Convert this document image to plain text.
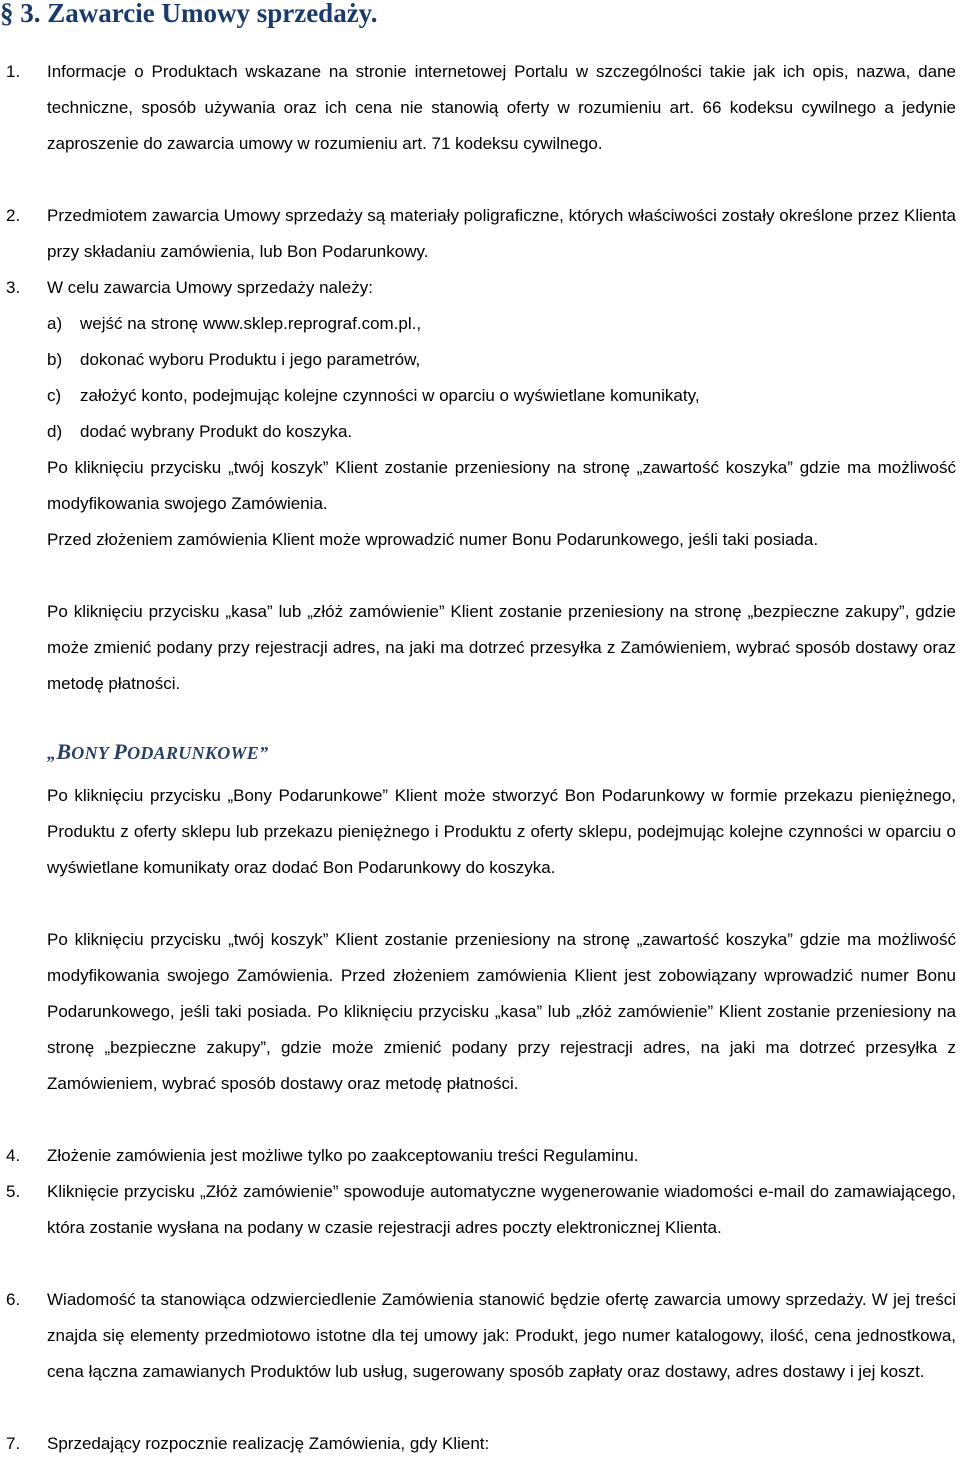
§ 3. Zawarcie Umowy sprzedaży.
1.	Informacje o Produktach wskazane na stronie internetowej Portalu w szczególności takie jak ich opis, nazwa, dane techniczne, sposób używania oraz ich cena nie stanowią oferty w rozumieniu art. 66 kodeksu cywilnego a jedynie zaproszenie do zawarcia umowy w rozumieniu art. 71 kodeksu cywilnego.

2.	Przedmiotem zawarcia Umowy sprzedaży są materiały poligraficzne, których właściwości zostały określone przez Klienta przy składaniu zamówienia, lub Bon Podarunkowy.

3.	W celu zawarcia Umowy sprzedaży należy:

a) wejść na stronę www.sklep.reprograf.com.pl.,
b) dokonać wyboru Produktu i jego parametrów,
c) założyć konto, podejmując kolejne czynności w oparciu o wyświetlane komunikaty,
d) dodać wybrany Produkt do koszyka.

Po kliknięciu przycisku „twój koszyk” Klient zostanie przeniesiony na stronę „zawartość koszyka” gdzie ma możliwość modyfikowania swojego Zamówienia.

Przed złożeniem zamówienia Klient może wprowadzić numer Bonu Podarunkowego, jeśli taki posiada.

Po kliknięciu przycisku „kasa” lub „złóż zamówienie” Klient zostanie przeniesiony na stronę „bezpieczne zakupy”, gdzie może zmienić podany przy rejestracji adres, na jaki ma dotrzeć przesyłka z Zamówieniem, wybrać sposób dostawy oraz metodę płatności.

„BONY PODARUNKOWE”

Po kliknięciu przycisku „Bony Podarunkowe” Klient może stworzyć Bon Podarunkowy w formie przekazu pieniężnego, Produktu z oferty sklepu lub przekazu pieniężnego i Produktu z oferty sklepu, podejmując kolejne czynności w oparciu o wyświetlane komunikaty oraz dodać Bon Podarunkowy do koszyka.

Po kliknięciu przycisku „twój koszyk” Klient zostanie przeniesiony na stronę „zawartość koszyka” gdzie ma możliwość modyfikowania swojego Zamówienia. Przed złożeniem zamówienia Klient jest zobowiązany wprowadzić numer Bonu Podarunkowego, jeśli taki posiada. Po kliknięciu przycisku „kasa” lub „złóż zamówienie” Klient zostanie przeniesiony na stronę „bezpieczne zakupy”, gdzie może zmienić podany przy rejestracji adres, na jaki ma dotrzeć przesyłka z Zamówieniem, wybrać sposób dostawy oraz metodę płatności.

4.	Złożenie zamówienia jest możliwe tylko po zaakceptowaniu treści Regulaminu.

5.	Kliknięcie przycisku „Złóż zamówienie” spowoduje automatyczne wygenerowanie wiadomości e-mail do zamawiającego, która zostanie wysłana na podany w czasie rejestracji adres poczty elektronicznej Klienta.

6.	Wiadomość ta stanowiąca odzwierciedlenie Zamówienia stanowić będzie ofertę zawarcia umowy sprzedaży. W jej treści znajda się elementy przedmiotowo istotne dla tej umowy jak: Produkt, jego numer katalogowy, ilość, cena jednostkowa, cena łączna zamawianych Produktów lub usług, sugerowany sposób zapłaty oraz dostawy, adres dostawy i jej koszt.

7.	Sprzedający rozpocznie realizację Zamówienia, gdy Klient:
